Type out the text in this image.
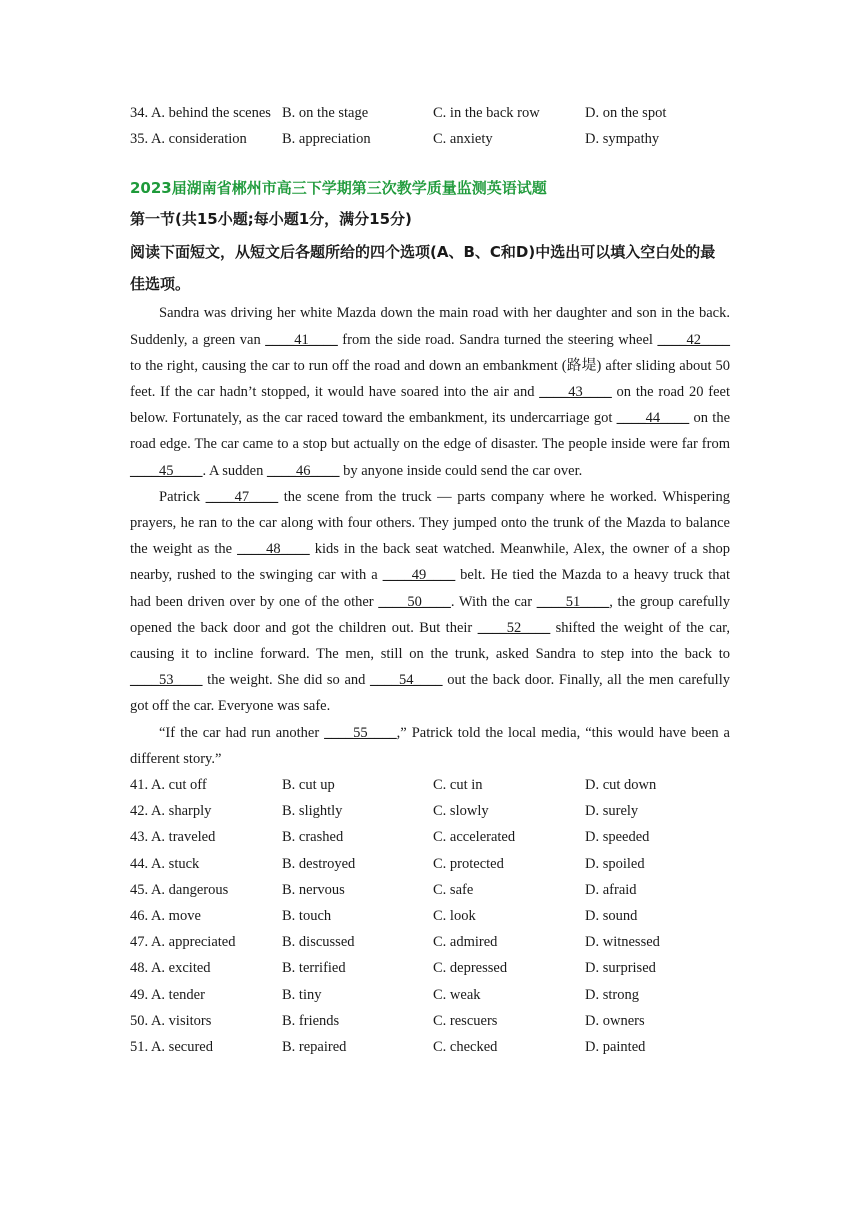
34. A. behind the scenes B. on the stage	C. in the back row	D. on the spot
35. A. consideration	B. appreciation	C. anxiety	D. sympathy
2023届湖南省郴州市高三下学期第三次教学质量监测英语试题
第一节(共15小题;每小题1分，满分15分)
阅读下面短文，从短文后各题所给的四个选项(A、B、C和D)中选出可以填入空白处的最佳选项。

Sandra was driving her white Mazda down the main road with her daughter and son in the back. Suddenly, a green van ____41____ from the side road. Sandra turned the steering wheel ____42____ to the right, causing the car to run off the road and down an embankment (路堤) after sliding about 50 feet. If the car hadn’t stopped, it would have soared into the air and ____43____ on the road 20 feet below. Fortunately, as the car raced toward the embankment, its undercarriage got ____44____ on the road edge. The car came to a stop but actually on the edge of disaster. The people inside were far from ____45____. A sudden ____46____ by anyone inside could send the car over.

Patrick ____47____ the scene from the truck — parts company where he worked. Whispering prayers, he ran to the car along with four others. They jumped onto the trunk of the Mazda to balance the weight as the ____48____ kids in the back seat watched. Meanwhile, Alex, the owner of a shop nearby, rushed to the swinging car with a ____49____ belt. He tied the Mazda to a heavy truck that had been driven over by one of the other ____50____. With the car ____51____, the group carefully opened the back door and got the children out. But their ____52____ shifted the weight of the car, causing it to incline forward. The men, still on the trunk, asked Sandra to step into the back to ____53____ the weight. She did so and ____54____ out the back door. Finally, all the men carefully got off the car. Everyone was safe.

“If the car had run another ____55____,” Patrick told the local media, “this would have been a different story.”

41. A. cut off	B. cut up	C. cut in	D. cut down
42. A. sharply	B. slightly	C. slowly	D. surely
43. A. traveled	B. crashed	C. accelerated	D. speeded
44. A. stuck	B. destroyed	C. protected	D. spoiled
45. A. dangerous	B. nervous	C. safe	D. afraid
46. A. move	B. touch	C. look	D. sound
47. A. appreciated	B. discussed	C. admired	D. witnessed
48. A. excited	B. terrified	C. depressed	D. surprised
49. A. tender	B. tiny	C. weak	D. strong
50. A. visitors	B. friends	C. rescuers	D. owners
51. A. secured	B. repaired	C. checked	D. painted
